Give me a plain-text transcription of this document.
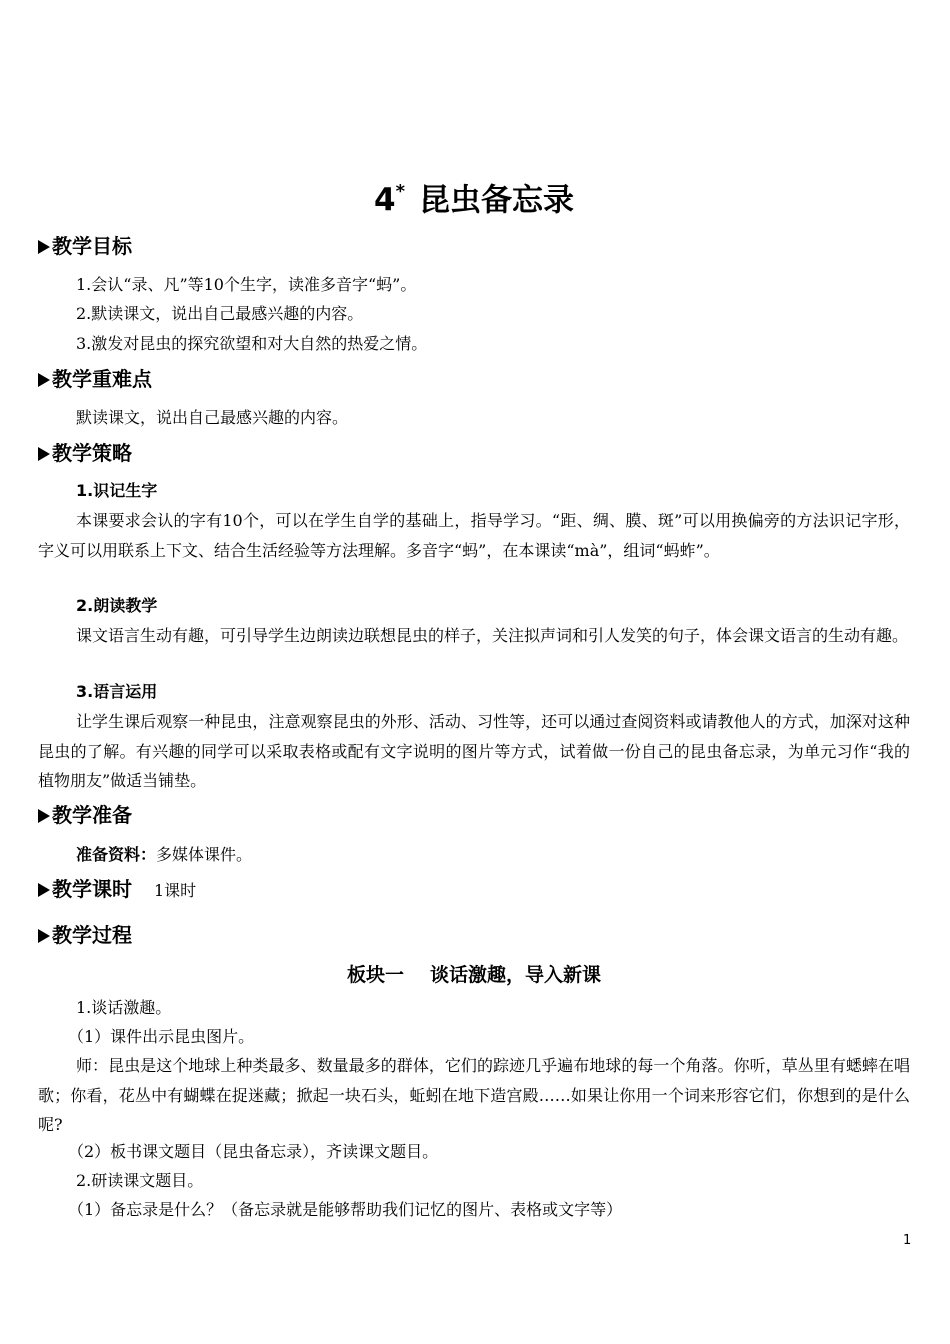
4* 昆虫备忘录
教学目标
1.会认“录、凡”等10个生字，读准多音字“蚂”。
2.默读课文，说出自己最感兴趣的内容。
3.激发对昆虫的探究欲望和对大自然的热爱之情。
教学重难点
默读课文，说出自己最感兴趣的内容。
教学策略
1.识记生字
本课要求会认的字有10个，可以在学生自学的基础上，指导学习。“距、绸、膜、斑”可以用换偏旁的方法识记字形，字义可以用联系上下文、结合生活经验等方法理解。多音字“蚂”，在本课读“mà”，组词“蚂蚱”。
2.朗读教学
课文语言生动有趣，可引导学生边朗读边联想昆虫的样子，关注拟声词和引人发笑的句子，体会课文语言的生动有趣。
3.语言运用
让学生课后观察一种昆虫，注意观察昆虫的外形、活动、习性等，还可以通过查阅资料或请教他人的方式，加深对这种昆虫的了解。有兴趣的同学可以采取表格或配有文字说明的图片等方式，试着做一份自己的昆虫备忘录，为单元习作“我的植物朋友”做适当铺垫。
教学准备
准备资料：多媒体课件。
教学课时 1课时
教学过程
板块一 谈话激趣，导入新课
1.谈话激趣。
（1）课件出示昆虫图片。
师：昆虫是这个地球上种类最多、数量最多的群体，它们的踪迹几乎遍布地球的每一个角落。你听，草丛里有蟋蟀在唱歌；你看，花丛中有蝴蝶在捉迷藏；掀起一块石头，蚯蚓在地下造宫殿……如果让你用一个词来形容它们，你想到的是什么呢?
（2）板书课文题目（昆虫备忘录），齐读课文题目。
2.研读课文题目。
（1）备忘录是什么？（备忘录就是能够帮助我们记忆的图片、表格或文字等）
1
